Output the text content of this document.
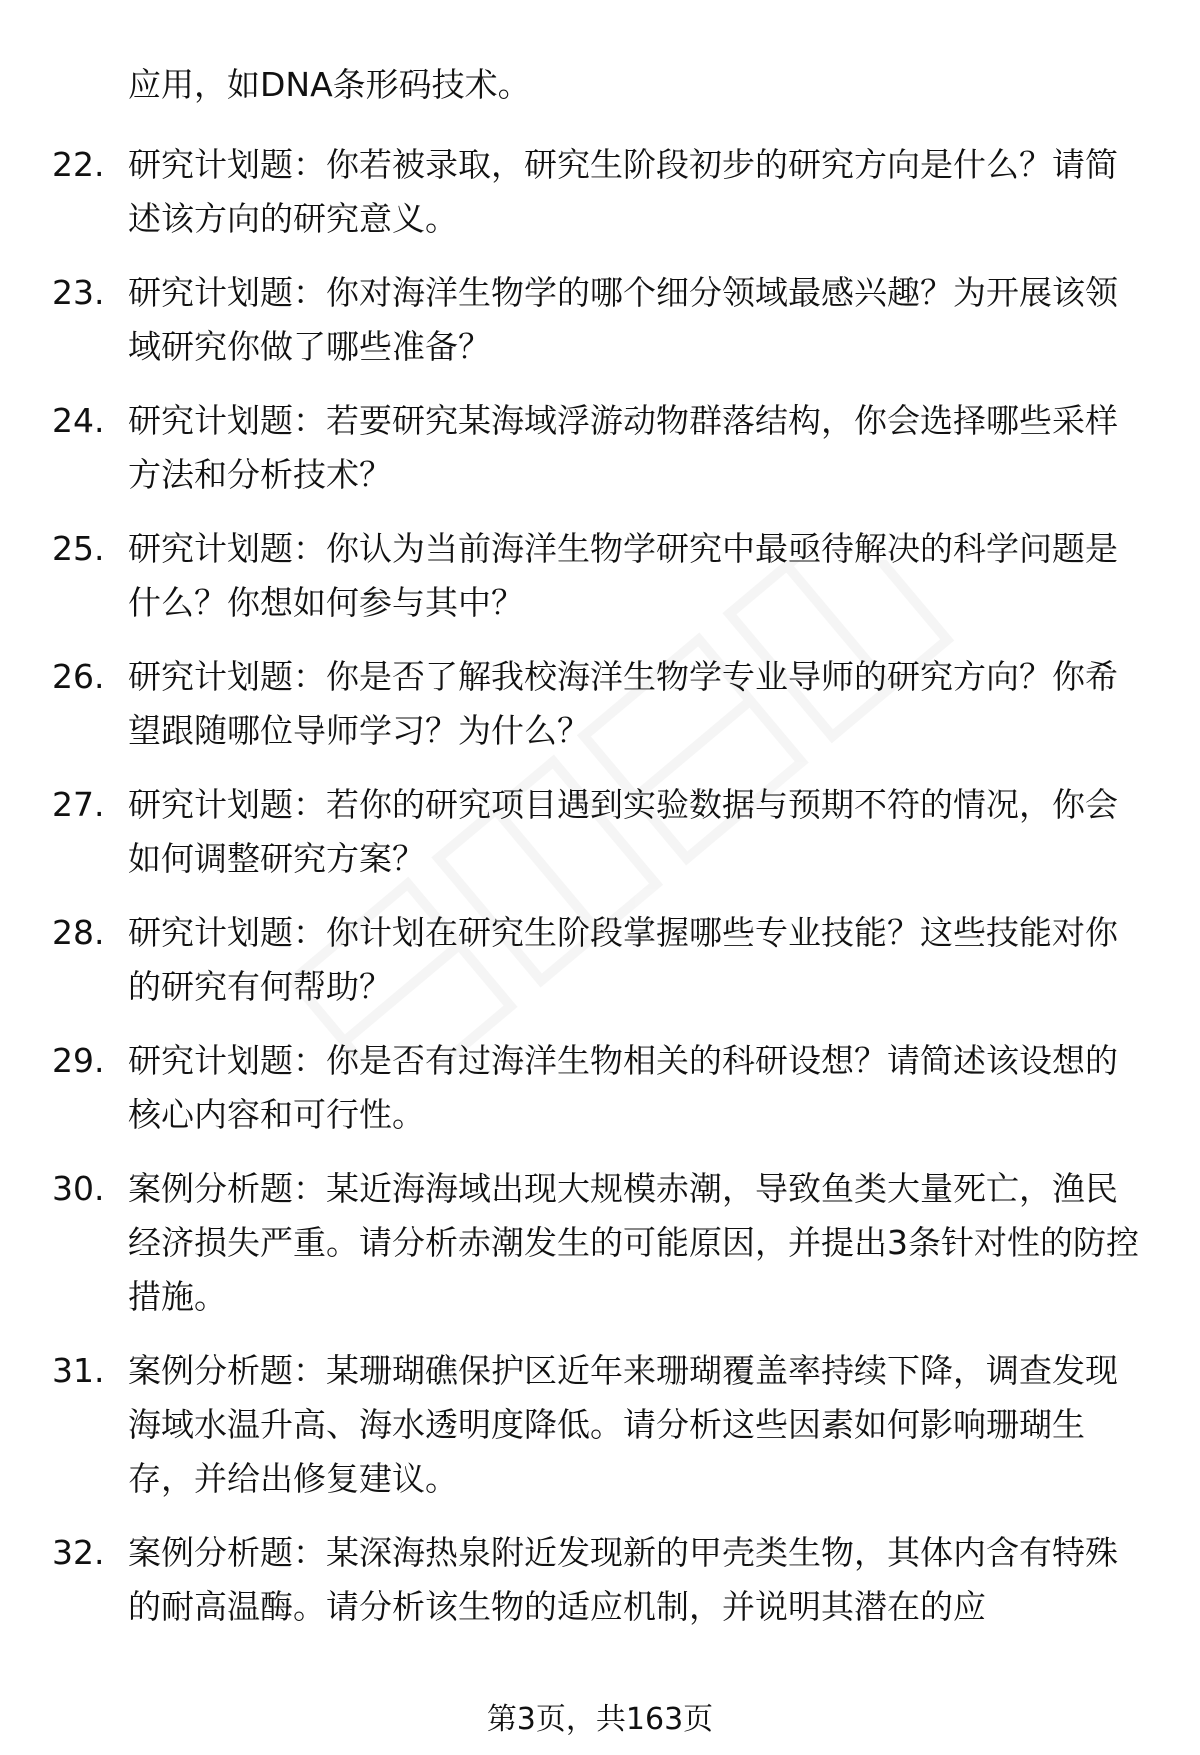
应用，如DNA条形码技术。
22. 研究计划题：你若被录取，研究生阶段初步的研究方向是什么？请简述该方向的研究意义。
23. 研究计划题：你对海洋生物学的哪个细分领域最感兴趣？为开展该领域研究你做了哪些准备？
24. 研究计划题：若要研究某海域浮游动物群落结构，你会选择哪些采样方法和分析技术？
25. 研究计划题：你认为当前海洋生物学研究中最亟待解决的科学问题是什么？你想如何参与其中？
26. 研究计划题：你是否了解我校海洋生物学专业导师的研究方向？你希望跟随哪位导师学习？为什么？
27. 研究计划题：若你的研究项目遇到实验数据与预期不符的情况，你会如何调整研究方案？
28. 研究计划题：你计划在研究生阶段掌握哪些专业技能？这些技能对你的研究有何帮助？
29. 研究计划题：你是否有过海洋生物相关的科研设想？请简述该设想的核心内容和可行性。
30. 案例分析题：某近海海域出现大规模赤潮，导致鱼类大量死亡，渔民经济损失严重。请分析赤潮发生的可能原因，并提出3条针对性的防控措施。
31. 案例分析题：某珊瑚礁保护区近年来珊瑚覆盖率持续下降，调查发现海域水温升高、海水透明度降低。请分析这些因素如何影响珊瑚生存，并给出修复建议。
32. 案例分析题：某深海热泉附近发现新的甲壳类生物，其体内含有特殊的耐高温酶。请分析该生物的适应机制，并说明其潜在的应
第3页，共163页
